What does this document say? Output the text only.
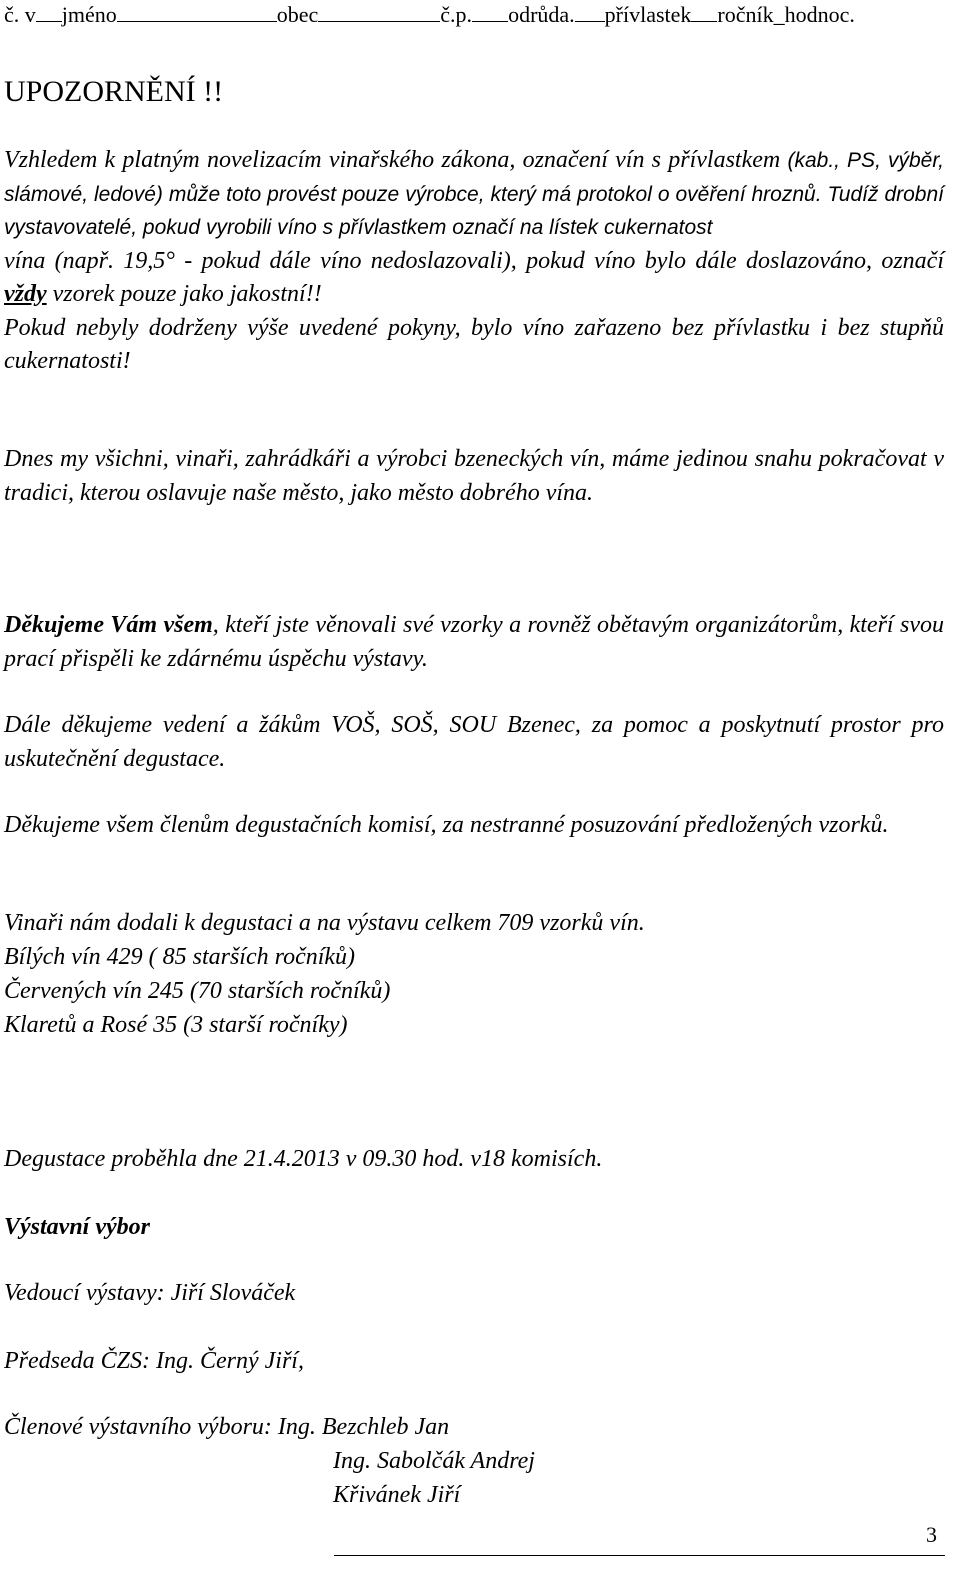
č. v jméno	obec	č.p. odrůda. přívlastek ročník_hodnoc.
UPOZORNĚNÍ !!
Vzhledem k platným novelizacím vinařského zákona, označení vín s přívlastkem (kab., PS, výběr, slámové, ledové) může toto provést pouze výrobce, který má protokol o ověření hroznů. Tudíž drobní vystavovatelé, pokud vyrobili víno s přívlastkem označí na lístek cukernatost
vína (např. 19,5° - pokud dále víno nedoslazovali), pokud víno bylo dále doslazováno, označí vždy vzorek pouze jako jakostní!!
Pokud nebyly dodrženy výše uvedené pokyny, bylo víno zařazeno bez přívlastku i bez stupňů cukernatosti!
Dnes my všichni, vinaři, zahrádkáři a výrobci bzeneckých vín, máme jedinou snahu pokračovat v tradici, kterou oslavuje naše město, jako město dobrého vína.
Děkujeme Vám všem, kteří jste věnovali své vzorky a rovněž obětavým organizátorům, kteří svou prací přispěli ke zdárnému úspěchu výstavy.
Dále děkujeme vedení a žákům VOŠ, SOŠ, SOU Bzenec, za pomoc a poskytnutí prostor pro uskutečnění degustace.
Děkujeme všem členům degustačních komisí, za nestranné posuzování předložených vzorků.
Vinaři nám dodali k degustaci a na výstavu celkem 709 vzorků vín.
Bílých vín 429 ( 85 starších ročníků)
Červených vín 245 (70 starších ročníků)
Klaretů a Rosé 35 (3 starší ročníky)
Degustace proběhla dne 21.4.2013 v 09.30 hod. v18 komisích.
Výstavní výbor
Vedoucí výstavy: Jiří Slováček
Předseda ČZS: Ing. Černý Jiří,
Členové výstavního výboru: Ing. Bezchleb Jan
Ing. Sabolčák Andrej
Křivánek Jiří
3
